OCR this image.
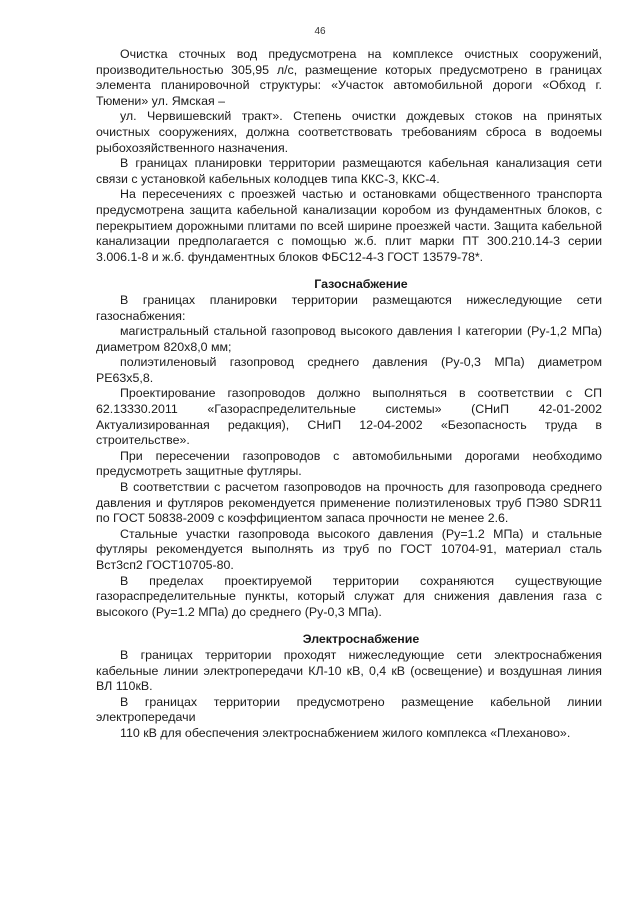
46

Очистка сточных вод предусмотрена на комплексе очистных сооружений, производительностью 305,95 л/с, размещение которых предусмотрено в границах элемента планировочной структуры: «Участок автомобильной дороги «Обход г. Тюмени» ул. Ямская –

ул. Червишевский тракт». Степень очистки дождевых стоков на принятых очистных сооружениях, должна соответствовать требованиям сброса в водоемы рыбохозяйственного назначения.

В границах планировки территории размещаются кабельная канализация сети связи с установкой кабельных колодцев типа ККС-3, ККС-4.

На пересечениях с проезжей частью и остановками общественного транспорта предусмотрена защита кабельной канализации коробом из фундаментных блоков, с перекрытием дорожными плитами по всей ширине проезжей части. Защита кабельной канализации предполагается с помощью ж.б. плит марки ПТ 300.210.14-3 серии 3.006.1-8 и ж.б. фундаментных блоков ФБС12-4-3 ГОСТ 13579-78*.

Газоснабжение

В границах планировки территории размещаются нижеследующие сети газоснабжения:

магистральный стальной газопровод высокого давления I категории (Ру-1,2 МПа) диаметром 820х8,0 мм;

полиэтиленовый газопровод среднего давления (Ру-0,3 МПа) диаметром РЕ63х5,8.

Проектирование газопроводов должно выполняться в соответствии с СП 62.13330.2011 «Газораспределительные системы» (СНиП 42-01-2002 Актуализированная редакция), СНиП 12-04-2002 «Безопасность труда в строительстве».

При пересечении газопроводов с автомобильными дорогами необходимо предусмотреть защитные футляры.

В соответствии с расчетом газопроводов на прочность для газопровода среднего давления и футляров рекомендуется применение полиэтиленовых труб ПЭ80 SDR11 по ГОСТ 50838-2009 с коэффициентом запаса прочности не менее 2.6.

Стальные участки газопровода высокого давления (Ру=1.2 МПа) и стальные футляры рекомендуется выполнять из труб по ГОСТ 10704-91, материал сталь Вст3сп2 ГОСТ10705-80.

В пределах проектируемой территории сохраняются существующие газораспределительные пункты, который служат для снижения давления газа с высокого (Ру=1.2 МПа) до среднего (Ру-0,3 МПа).

Электроснабжение

В границах территории проходят нижеследующие сети электроснабжения кабельные линии электропередачи КЛ-10 кВ, 0,4 кВ (освещение) и воздушная линия ВЛ 110кВ.

В границах территории предусмотрено размещение кабельной линии электропередачи

110 кВ для обеспечения электроснабжением жилого комплекса «Плехановo».
